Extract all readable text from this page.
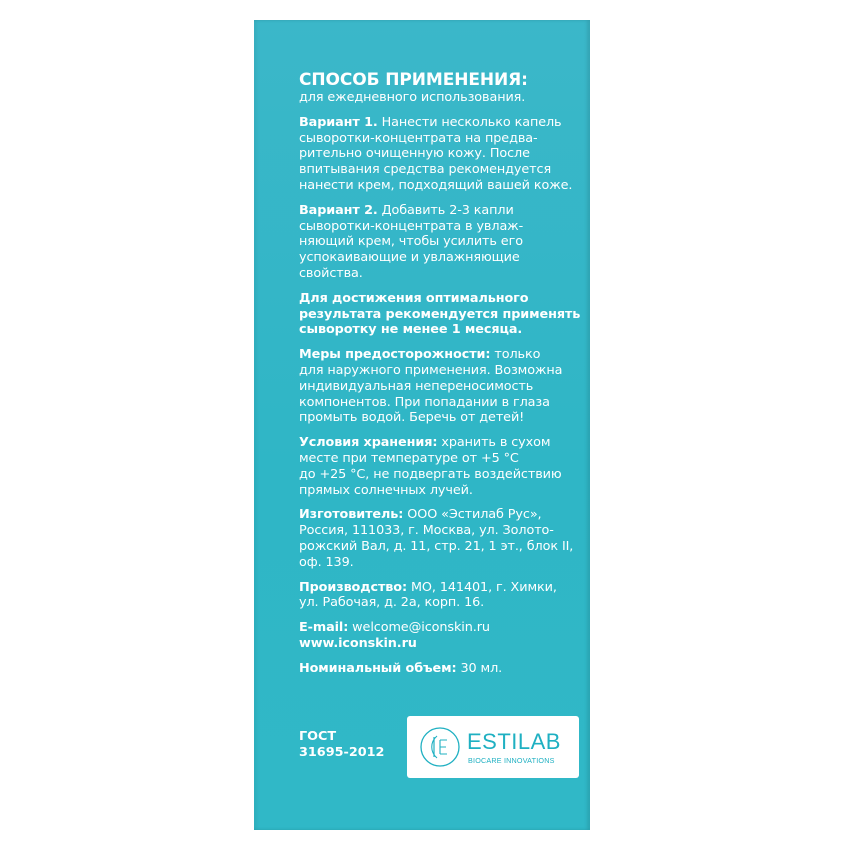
СПОСОБ ПРИМЕНЕНИЯ:

для ежедневного использования.

Вариант 1. Нанести несколько капель
сыворотки-концентрата на предва-
рительно очищенную кожу. После
впитывания средства рекомендуется
нанести крем, подходящий вашей коже.

Вариант 2. Добавить 2-3 капли
сыворотки-концентрата в увлаж-
няющий крем, чтобы усилить его
успокаивающие и увлажняющие
свойства.

Для достижения оптимального
результата рекомендуется применять
сыворотку не менее 1 месяца.

Меры предосторожности: только
для наружного применения. Возможна
индивидуальная непереносимость
компонентов. При попадании в глаза
промыть водой. Беречь от детей!

Условия хранения: хранить в сухом
месте при температуре от +5 °С
до +25 °С, не подвергать воздействию
прямых солнечных лучей.

Изготовитель: ООО «Эстилаб Рус»,
Россия, 111033, г. Москва, ул. Золото-
рожский Вал, д. 11, стр. 21, 1 эт., блок II,
оф. 139.

Производство: МО, 141401, г. Химки,
ул. Рабочая, д. 2а, корп. 16.

E-mail: welcome@iconskin.ru
www.iconskin.ru

Номинальный объем: 30 мл.

ГОСТ
31695-2012	ESTILAB
BIOCARE INNOVATIONS
